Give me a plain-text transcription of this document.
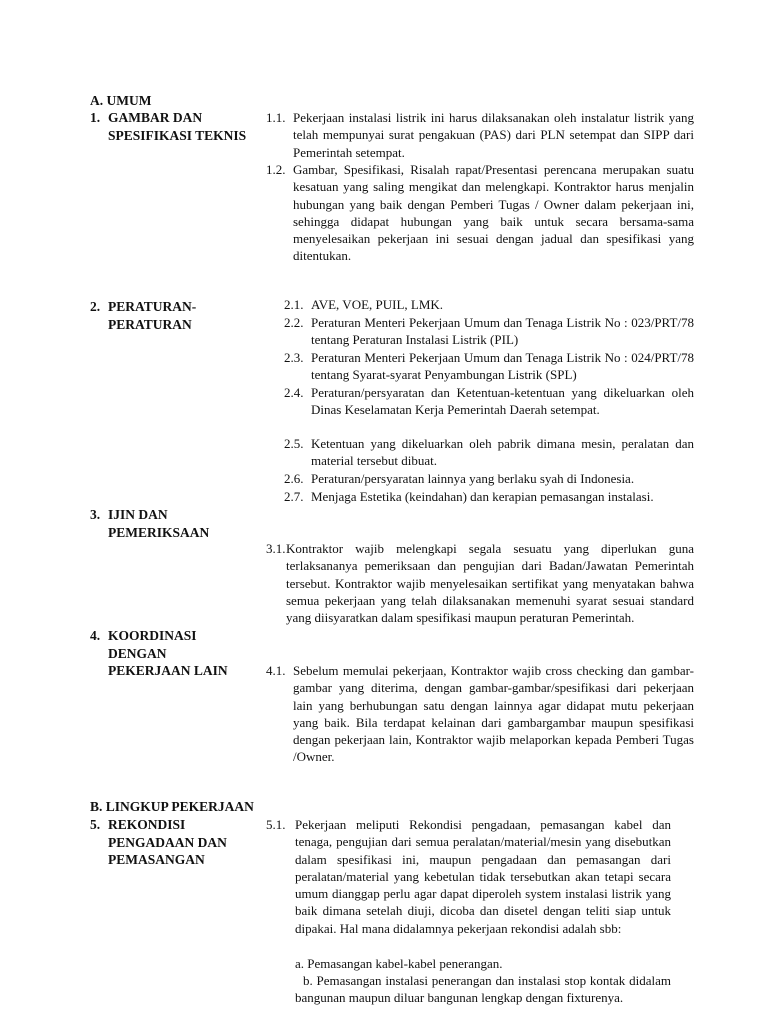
A. UMUM
1. GAMBAR DAN SPESIFIKASI TEKNIS
1.1. Pekerjaan instalasi listrik ini harus dilaksanakan oleh instalatur listrik yang telah mempunyai surat pengakuan (PAS) dari PLN setempat dan SIPP dari Pemerintah setempat.

1.2. Gambar, Spesifikasi, Risalah rapat/Presentasi perencana merupakan suatu kesatuan yang saling mengikat dan melengkapi. Kontraktor harus menjalin hubungan yang baik dengan Pemberi Tugas / Owner dalam pekerjaan ini, sehingga didapat hubungan yang baik untuk secara bersama-sama menyelesaikan pekerjaan ini sesuai dengan jadual dan spesifikasi yang ditentukan.

2. PERATURAN-PERATURAN
2.1. AVE, VOE, PUIL, LMK.

2.2. Peraturan Menteri Pekerjaan Umum dan Tenaga Listrik No : 023/PRT/78 tentang Peraturan Instalasi Listrik (PIL)

2.3. Peraturan Menteri Pekerjaan Umum dan Tenaga Listrik No : 024/PRT/78 tentang Syarat-syarat Penyambungan Listrik (SPL)

2.4. Peraturan/persyaratan dan Ketentuan-ketentuan yang dikeluarkan oleh Dinas Keselamatan Kerja Pemerintah Daerah setempat.

2.5. Ketentuan yang dikeluarkan oleh pabrik dimana mesin, peralatan dan material tersebut dibuat.

2.6. Peraturan/persyaratan lainnya yang berlaku syah di Indonesia.

2.7. Menjaga Estetika (keindahan) dan kerapian pemasangan instalasi.

3. IJIN DAN PEMERIKSAAN
3.1. Kontraktor wajib melengkapi segala sesuatu yang diperlukan guna terlaksananya pemeriksaan dan pengujian dari Badan/Jawatan Pemerintah tersebut. Kontraktor wajib menyelesaikan sertifikat yang menyatakan bahwa semua pekerjaan yang telah dilaksanakan memenuhi syarat sesuai standard yang diisyaratkan dalam spesifikasi maupun peraturan Pemerintah.

4. KOORDINASI DENGAN PEKERJAAN LAIN	4.1. Sebelum memulai pekerjaan, Kontraktor wajib cross checking dan gambar-gambar yang diterima, dengan gambar-gambar/spesifikasi dari pekerjaan lain yang berhubungan satu dengan lainnya agar didapat mutu pekerjaan yang baik. Bila terdapat kelainan dari gambargambar maupun spesifikasi dengan pekerjaan lain, Kontraktor wajib melaporkan kepada Pemberi Tugas /Owner.

B. LINGKUP PEKERJAAN
5. REKONDISI PENGADAAN DAN PEMASANGAN
5.1. Pekerjaan meliputi Rekondisi pengadaan, pemasangan kabel dan tenaga, pengujian dari semua peralatan/material/mesin yang disebutkan dalam spesifikasi ini, maupun pengadaan dan pemasangan dari peralatan/material yang kebetulan tidak tersebutkan akan tetapi secara umum dianggap perlu agar dapat diperoleh system instalasi listrik yang baik dimana setelah diuji, dicoba dan disetel dengan teliti siap untuk dipakai. Hal mana didalamnya pekerjaan rekondisi adalah sbb:

a. Pemasangan kabel-kabel penerangan.
b. Pemasangan instalasi penerangan dan instalasi stop kontak didalam bangunan maupun diluar bangunan lengkap dengan fixturenya.
